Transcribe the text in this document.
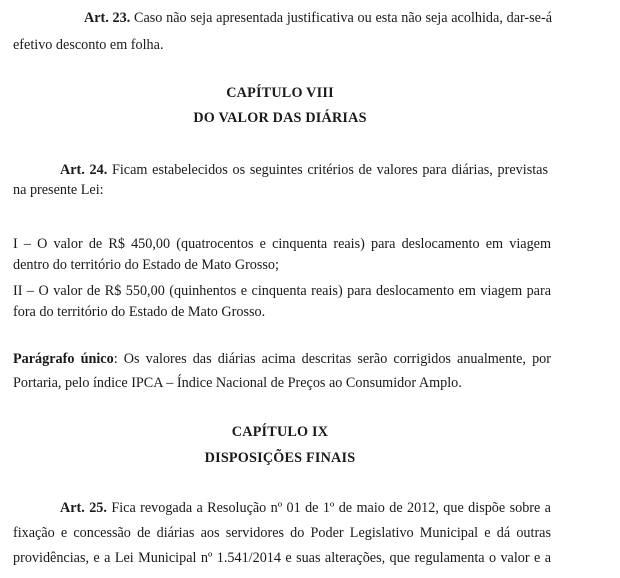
Art. 23. Caso não seja apresentada justificativa ou esta não seja acolhida, dar-se-á
efetivo desconto em folha.
CAPÍTULO VIII
DO VALOR DAS DIÁRIAS
Art. 24. Ficam estabelecidos os seguintes critérios de valores para diárias, previstas
na presente Lei:
I – O valor de R$ 450,00 (quatrocentos e cinquenta reais) para deslocamento em viagem
dentro do território do Estado de Mato Grosso;
II – O valor de R$ 550,00 (quinhentos e cinquenta reais) para deslocamento em viagem para
fora do território do Estado de Mato Grosso.
Parágrafo único: Os valores das diárias acima descritas serão corrigidos anualmente, por
Portaria, pelo índice IPCA – Índice Nacional de Preços ao Consumidor Amplo.
CAPÍTULO IX
DISPOSIÇÕES FINAIS
Art. 25. Fica revogada a Resolução nº 01 de 1º de maio de 2012, que dispõe sobre a
fixação e concessão de diárias aos servidores do Poder Legislativo Municipal e dá outras
providências, e a Lei Municipal nº 1.541/2014 e suas alterações, que regulamenta o valor e a
